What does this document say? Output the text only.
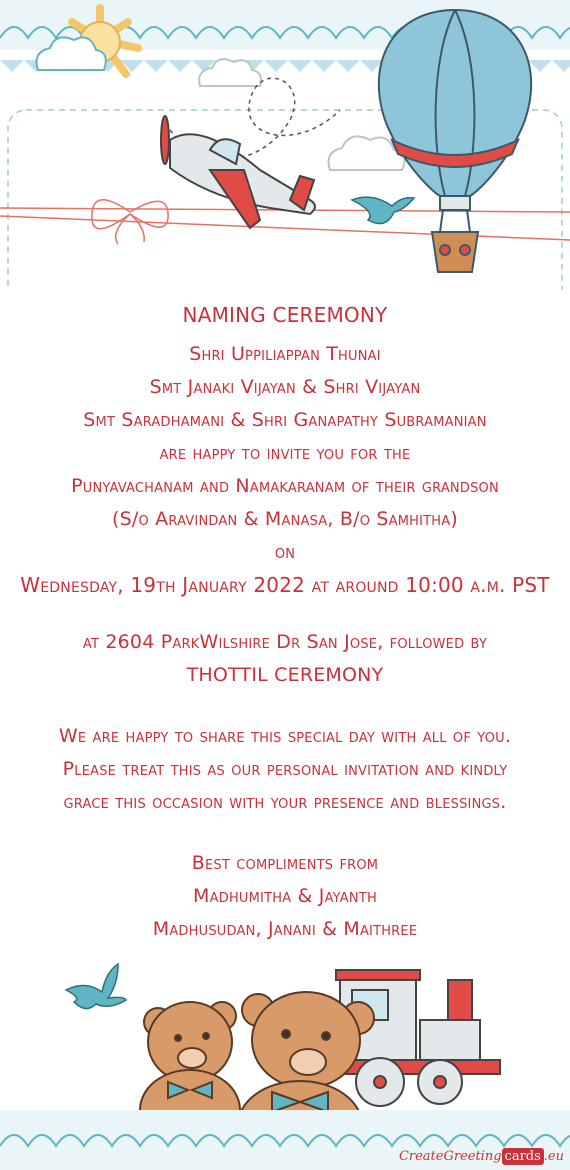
NAMING CEREMONY
Shri Uppiliappan Thunai
Smt Janaki Vijayan & Shri Vijayan
Smt Saradhamani & Shri Ganapathy Subramanian
are happy to invite you for the
Punyavachanam and Namakaranam of their grandson
(S/o Aravindan & Manasa, B/o Samhitha)
on
Wednesday, 19th January 2022 at around 10:00 a.m. PST
at 2604 ParkWilshire Dr San Jose, followed by
THOTTIL CEREMONY
We are happy to share this special day with all of you.
Please treat this as our personal invitation and kindly
grace this occasion with your presence and blessings.
Best compliments from
Madhumitha & Jayanth
Madhusudan, Janani & Maithree
CreateGreeting cards .eu
